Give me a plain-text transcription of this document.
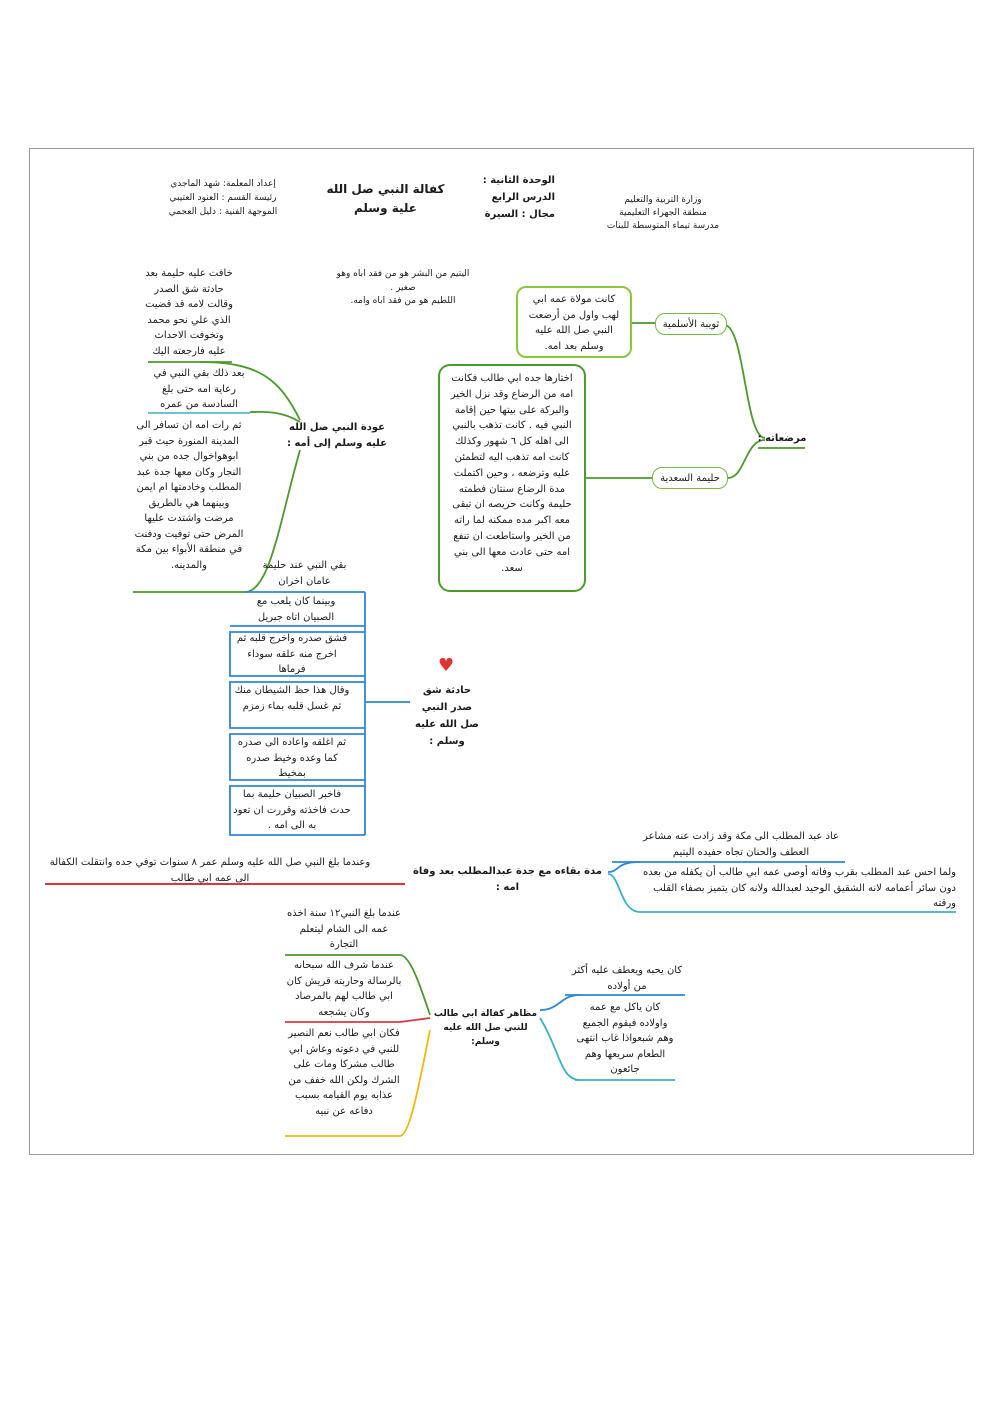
وزارة التربية والتعليم
منطقة الجهراء التعليمية
مدرسة تيماء المتوسطة للبنات
الوحدة الثانية :
الدرس الرابع
مجال : السيرة
كفالة النبي صل الله
علية وسلم
إعداد المعلمة: شهد الماجدي
رئيسة القسم : العنود العتيبي
الموجهة الفنية : دليل العجمي
اليتيم من البشر هو من فقد اباه وهو
صغير .
اللطيم هو من فقد اباه وامه.
مرضعاته :
ثويبة الأسلمية
كانت مولاة عمه ابي لهب واول من أرضعت النبي صل الله عليه وسلم بعد امه.
حليمة السعدية
اختارها جده ابي طالب فكانت امه من الرضاع وقد نزل الخير والبركة على بيتها حين إقامة النبي فيه . كانت تذهب بالنبي الى اهله كل ٦ شهور وكذلك كانت امه تذهب اليه لتطمئن عليه وترضعه ، وحين اكتملت مدة الرضاع سنتان فطمته حليمة وكانت حريصه ان تبقى معه اكبر مده ممكنه لما راته من الخير واستاطعت ان تنفع امه حتى عادت معها الى بني سعد.
عودة النبي صل الله عليه وسلم إلى أمه :
خافت عليه حليمة بعد حادثة شق الصدر وقالت لامه قد قضيت الذي علي نحو محمد وتخوفت الاحداث عليه فارجعته اليك
بعد ذلك بقي النبي في رعاية امه حتى بلغ السادسة من عمره
ثم رات امه ان تسافر الى المدينة المنورة حيث قبر ابوهواخوال جده من بني النجار وكان معها جدة عبد المطلب وخادمتها ام ايمن وبينهما هي بالطريق مرضت واشتدت عليها المرض حتى توفيت ودفنت في منطقة الأبواء بين مكة والمدينه.	بقي النبي عند حليمة عامان اخران
♥
حادثة شق صدر النبي صل الله عليه وسلم :
وبينما كان يلعب مع الصبيان اتاه جبريل
فشق صدره واخرج قلبه ثم اخرج منه علقه سوداء فرماها
وقال هذا حظ الشيطان منك ثم غسل قلبه بماء زمزم
ثم اغلقه واعاده الى صدره كما وعده وخيط صدره بمخيط
فاخبر الصبيان حليمة بما حدث فاخذته وقررت ان تعود به الى امه .
مدة بقاءه مع جدة عبدالمطلب بعد وفاة امه :
عاد عبد المطلب الى مكة وقد زادت عنه مشاعر العطف والحنان تجاه حفيده اليتيم
ولما احس عبد المطلب بقرب وفاته أوصى عمه ابي طالب أن يكفله من بعده دون سائر أعمامه لانه الشقيق الوحيد لعبدالله ولانه كان يتميز بصفاء القلب ورقته
وعندما بلغ النبي صل الله عليه وسلم عمر ٨ سنوات توفي جده وانتقلت الكفالة الى عمه ابي طالب
مظاهر كفالة ابي طالب للنبي صل الله عليه وسلم:
كان يحبه ويعطف عليه أكثر من أولاده
كان ياكل مع عمه واولاده فيقوم الجميع وهم شبعواذا غاب انتهى الطعام سريعها وهم جائعون
عندما بلغ النبي١٢ سنة اخذه عمه الى الشام ليتعلم التجارة
عندما شرف الله سبحانه بالرسالة وحاربته قريش كان ابي طالب لهم بالمرصاد وكان يشجعه
فكان ابي طالب نعم النصير للنبي في دعوته وعاش ابي طالب مشركا ومات على الشرك ولكن الله خفف من عذابه يوم القيامه بسبب دفاعه عن نبيه
